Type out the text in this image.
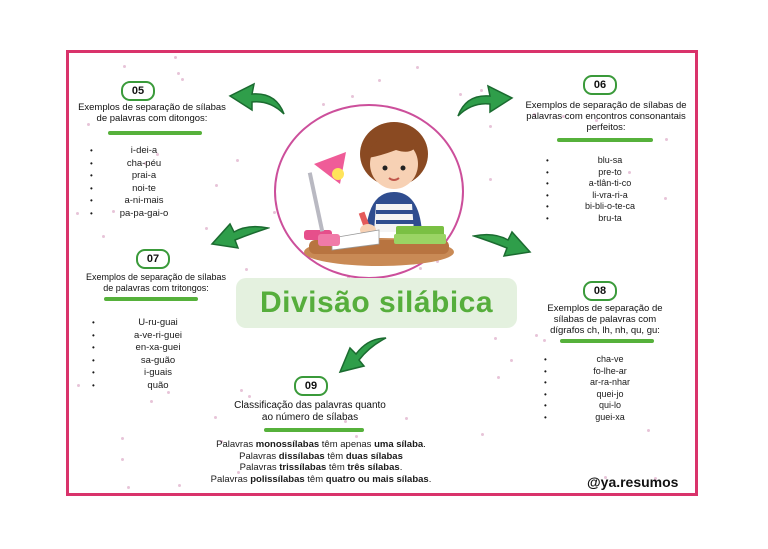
Divisão silábica
05
Exemplos de separação de sílabas
de palavras com ditongos:
• i-dei-a
• cha-péu
• prai-a
• noi-te
• a-ni-mais
• pa-pa-gai-o
06
Exemplos de separação de sílabas de
palavras com encontros consonantais
perfeitos:
• blu-sa
• pre-to
• a-tlân-ti-co
• li-vra-ri-a
• bi-bli-o-te-ca
• bru-ta
07
Exemplos de separação de sílabas
de palavras com tritongos:
• U-ru-guai
• a-ve-ri-guei
• en-xa-guei
• sa-guão
• i-guais
• quão
08
Exemplos de separação de
sílabas de palavras com
dígrafos ch, lh, nh, qu, gu:
• cha-ve
• fo-lhe-ar
• ar-ra-nhar
• quei-jo
• qui-lo
• guei-xa
09
Classificação das palavras quanto
ao número de sílabas
Palavras monossílabas têm apenas uma sílaba.
Palavras dissílabas têm duas sílabas
Palavras trissílabas têm três sílabas.
Palavras polissílabas têm quatro ou mais sílabas.	@ya.resumos
